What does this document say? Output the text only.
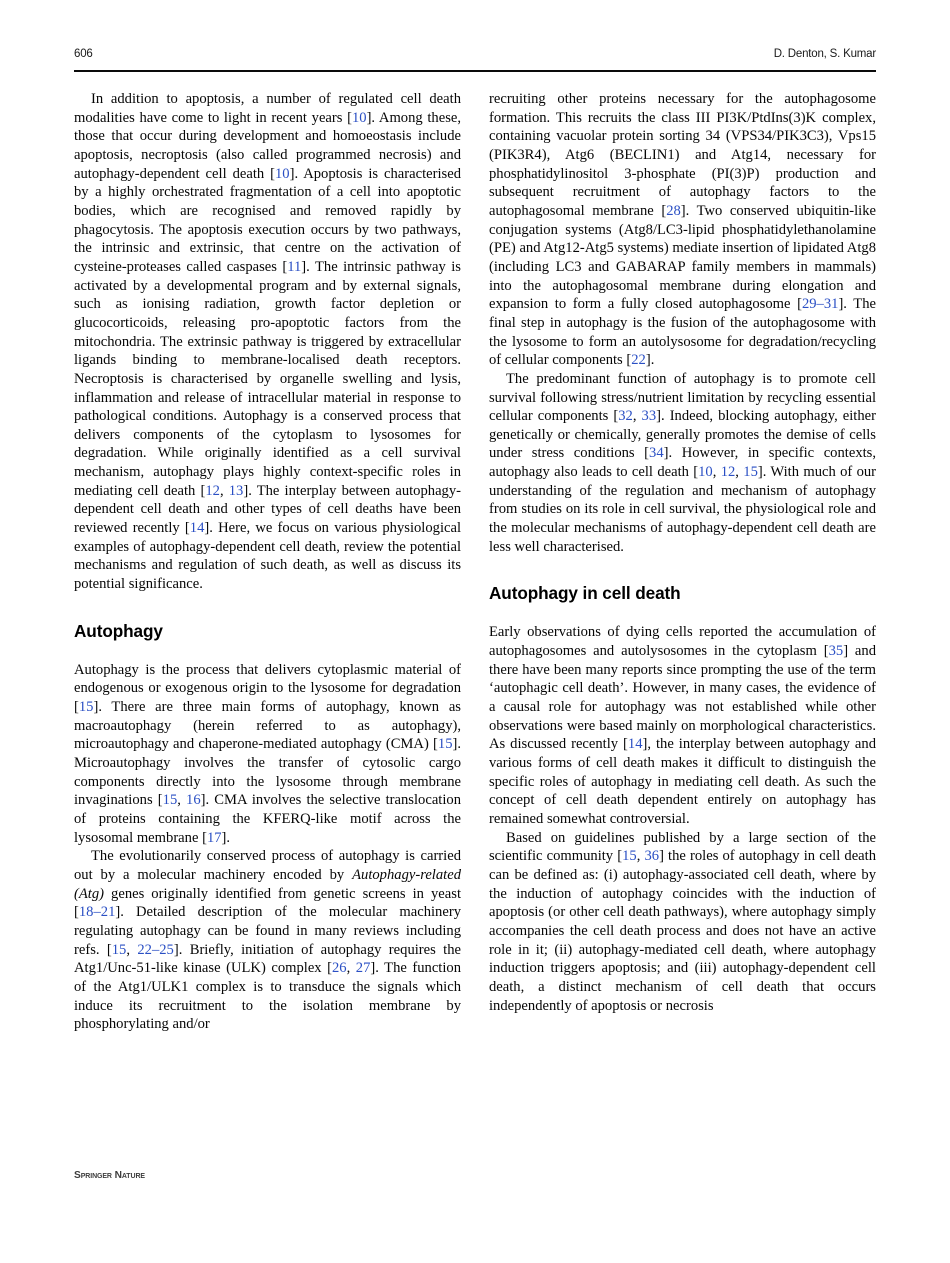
606	D. Denton, S. Kumar

In addition to apoptosis, a number of regulated cell death modalities have come to light in recent years [10]. Among these, those that occur during development and homoeostasis include apoptosis, necroptosis (also called programmed necrosis) and autophagy-dependent cell death [10]. Apoptosis is characterised by a highly orchestrated fragmentation of a cell into apoptotic bodies, which are recognised and removed rapidly by phagocytosis. The apoptosis execution occurs by two pathways, the intrinsic and extrinsic, that centre on the activation of cysteine-proteases called caspases [11]. The intrinsic pathway is activated by a developmental program and by external signals, such as ionising radiation, growth factor depletion or glucocorticoids, releasing pro-apoptotic factors from the mitochondria. The extrinsic pathway is triggered by extracellular ligands binding to membrane-localised death receptors. Necroptosis is characterised by organelle swelling and lysis, inflammation and release of intracellular material in response to pathological conditions. Autophagy is a conserved process that delivers components of the cytoplasm to lysosomes for degradation. While originally identified as a cell survival mechanism, autophagy plays highly context-specific roles in mediating cell death [12, 13]. The interplay between autophagy-dependent cell death and other types of cell deaths have been reviewed recently [14]. Here, we focus on various physiological examples of autophagy-dependent cell death, review the potential mechanisms and regulation of such death, as well as discuss its potential significance.

Autophagy

Autophagy is the process that delivers cytoplasmic material of endogenous or exogenous origin to the lysosome for degradation [15]. There are three main forms of autophagy, known as macroautophagy (herein referred to as autophagy), microautophagy and chaperone-mediated autophagy (CMA) [15]. Microautophagy involves the transfer of cytosolic cargo components directly into the lysosome through membrane invaginations [15, 16]. CMA involves the selective translocation of proteins containing the KFERQ-like motif across the lysosomal membrane [17].

The evolutionarily conserved process of autophagy is carried out by a molecular machinery encoded by Autophagy-related (Atg) genes originally identified from genetic screens in yeast [18–21]. Detailed description of the molecular machinery regulating autophagy can be found in many reviews including refs. [15, 22–25]. Briefly, initiation of autophagy requires the Atg1/Unc-51-like kinase (ULK) complex [26, 27]. The function of the Atg1/ULK1 complex is to transduce the signals which induce its recruitment to the isolation membrane by phosphorylating and/or

recruiting other proteins necessary for the autophagosome formation. This recruits the class III PI3K/PtdIns(3)K complex, containing vacuolar protein sorting 34 (VPS34/PIK3C3), Vps15 (PIK3R4), Atg6 (BECLIN1) and Atg14, necessary for phosphatidylinositol 3-phosphate (PI(3)P) production and subsequent recruitment of autophagy factors to the autophagosomal membrane [28]. Two conserved ubiquitin-like conjugation systems (Atg8/LC3-lipid phosphatidylethanolamine (PE) and Atg12-Atg5 systems) mediate insertion of lipidated Atg8 (including LC3 and GABARAP family members in mammals) into the autophagosomal membrane during elongation and expansion to form a fully closed autophagosome [29–31]. The final step in autophagy is the fusion of the autophagosome with the lysosome to form an autolysosome for degradation/recycling of cellular components [22].

The predominant function of autophagy is to promote cell survival following stress/nutrient limitation by recycling essential cellular components [32, 33]. Indeed, blocking autophagy, either genetically or chemically, generally promotes the demise of cells under stress conditions [34]. However, in specific contexts, autophagy also leads to cell death [10, 12, 15]. With much of our understanding of the regulation and mechanism of autophagy from studies on its role in cell survival, the physiological role and the molecular mechanisms of autophagy-dependent cell death are less well characterised.

Autophagy in cell death

Early observations of dying cells reported the accumulation of autophagosomes and autolysosomes in the cytoplasm [35] and there have been many reports since prompting the use of the term ‘autophagic cell death’. However, in many cases, the evidence of a causal role for autophagy was not established while other observations were based mainly on morphological characteristics. As discussed recently [14], the interplay between autophagy and various forms of cell death makes it difficult to distinguish the specific roles of autophagy in mediating cell death. As such the concept of cell death dependent entirely on autophagy has remained somewhat controversial.

Based on guidelines published by a large section of the scientific community [15, 36] the roles of autophagy in cell death can be defined as: (i) autophagy-associated cell death, where by the induction of autophagy coincides with the induction of apoptosis (or other cell death pathways), where autophagy simply accompanies the cell death process and does not have an active role in it; (ii) autophagy-mediated cell death, where autophagy induction triggers apoptosis; and (iii) autophagy-dependent cell death, a distinct mechanism of cell death that occurs independently of apoptosis or necrosis

Springer Nature
